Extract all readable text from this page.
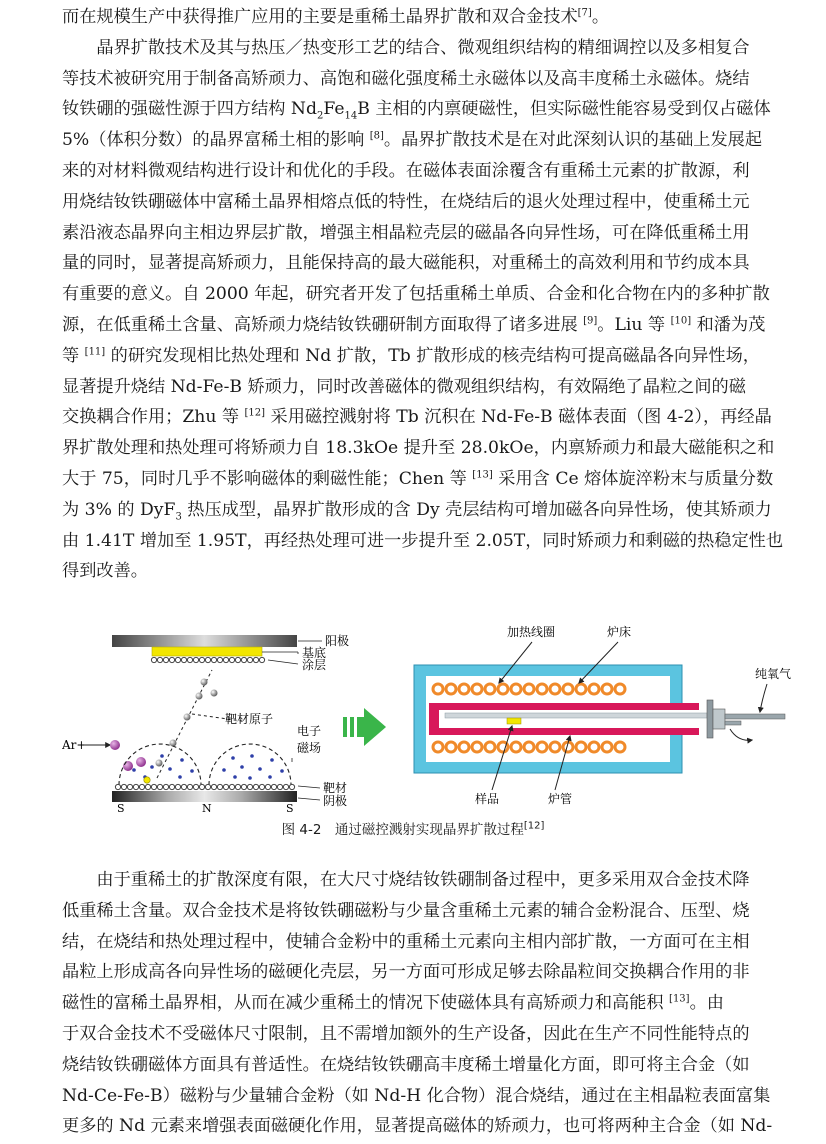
而在规模生产中获得推广应用的主要是重稀土晶界扩散和双合金技术[7]。
　　晶界扩散技术及其与热压／热变形工艺的结合、微观组织结构的精细调控以及多相复合
等技术被研究用于制备高矫顽力、高饱和磁化强度稀土永磁体以及高丰度稀土永磁体。烧结
钕铁硼的强磁性源于四方结构 $Nd_2Fe_{14}B$ 主相的内禀硬磁性，但实际磁性能容易受到仅占磁体
5%（体积分数）的晶界富稀土相的影响 [8]。晶界扩散技术是在对此深刻认识的基础上发展起
来的对材料微观结构进行设计和优化的手段。在磁体表面涂覆含有重稀土元素的扩散源，利
用烧结钕铁硼磁体中富稀土晶界相熔点低的特性，在烧结后的退火处理过程中，使重稀土元
素沿液态晶界向主相边界层扩散，增强主相晶粒壳层的磁晶各向异性场，可在降低重稀土用
量的同时，显著提高矫顽力，且能保持高的最大磁能积，对重稀土的高效利用和节约成本具
有重要的意义。自 2000 年起，研究者开发了包括重稀土单质、合金和化合物在内的多种扩散
源，在低重稀土含量、高矫顽力烧结钕铁硼研制方面取得了诸多进展 [9]。Liu 等 [10] 和潘为茂
等 [11] 的研究发现相比热处理和 Nd 扩散，Tb 扩散形成的核壳结构可提高磁晶各向异性场，
显著提升烧结 Nd-Fe-B 矫顽力，同时改善磁体的微观组织结构，有效隔绝了晶粒之间的磁
交换耦合作用；Zhu 等 [12] 采用磁控溅射将 Tb 沉积在 Nd-Fe-B 磁体表面（图 4-2），再经晶
界扩散处理和热处理可将矫顽力自 18.3kOe 提升至 28.0kOe，内禀矫顽力和最大磁能积之和
大于 75，同时几乎不影响磁体的剩磁性能；Chen 等 [13] 采用含 Ce 熔体旋淬粉末与质量分数
为 3% 的 DyF$_3$ 热压成型，晶界扩散形成的含 Dy 壳层结构可增加磁各向异性场，使其矫顽力
由 1.41T 增加至 1.95T，再经热处理可进一步提升至 2.05T，同时矫顽力和剩磁的热稳定性也
得到改善。
阳极
基底
涂层
靶材原子
Ar+
S	N	S
电子
磁场
靶材
阴极
纯氧气
加热线圈	炉床
样品	炉管
图 4-2　通过磁控溅射实现晶界扩散过程[12]
　　由于重稀土的扩散深度有限，在大尺寸烧结钕铁硼制备过程中，更多采用双合金技术降
低重稀土含量。双合金技术是将钕铁硼磁粉与少量含重稀土元素的辅合金粉混合、压型、烧
结，在烧结和热处理过程中，使辅合金粉中的重稀土元素向主相内部扩散，一方面可在主相
晶粒上形成高各向异性场的磁硬化壳层，另一方面可形成足够去除晶粒间交换耦合作用的非
磁性的富稀土晶界相，从而在减少重稀土的情况下使磁体具有高矫顽力和高能积 [13]。由
于双合金技术不受磁体尺寸限制，且不需增加额外的生产设备，因此在生产不同性能特点的
烧结钕铁硼磁体方面具有普适性。在烧结钕铁硼高丰度稀土增量化方面，即可将主合金（如
Nd-Ce-Fe-B）磁粉与少量辅合金粉（如 Nd-H 化合物）混合烧结，通过在主相晶粒表面富集
更多的 Nd 元素来增强表面磁硬化作用，显著提高磁体的矫顽力，也可将两种主合金（如 Nd-
